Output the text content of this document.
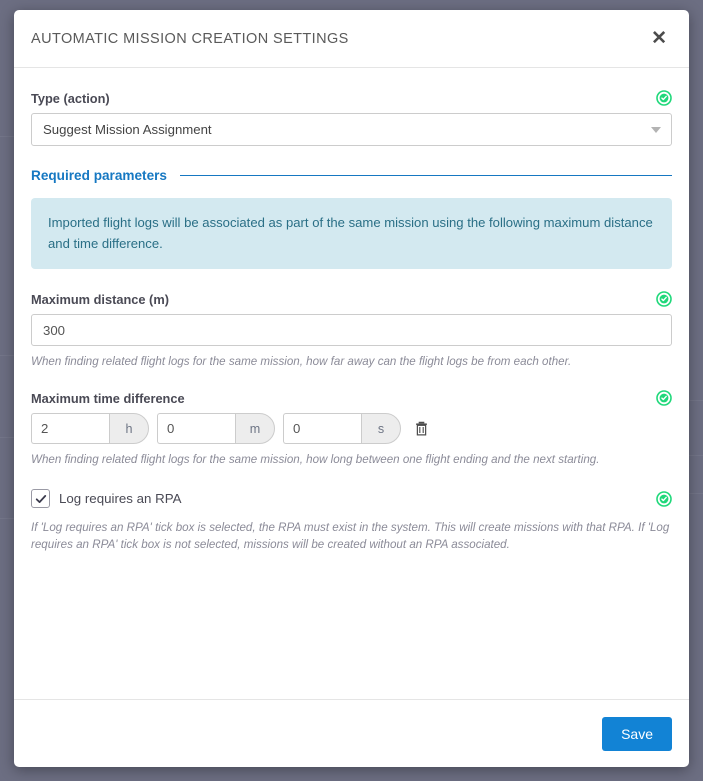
AUTOMATIC MISSION CREATION SETTINGS	✕
Type (action)
Suggest Mission Assignment
Required parameters
Imported flight logs will be associated as part of the same mission using the following maximum distance and time difference.
Maximum distance (m)
300

When finding related flight logs for the same mission, how far away can the flight logs be from each other.

Maximum time difference
2
h
0	m
0	s

When finding related flight logs for the same mission, how long between one flight ending and the next starting.

Log requires an RPA

If 'Log requires an RPA' tick box is selected, the RPA must exist in the system. This will create missions with that RPA. If 'Log requires an RPA' tick box is not selected, missions will be created without an RPA associated.

Save
